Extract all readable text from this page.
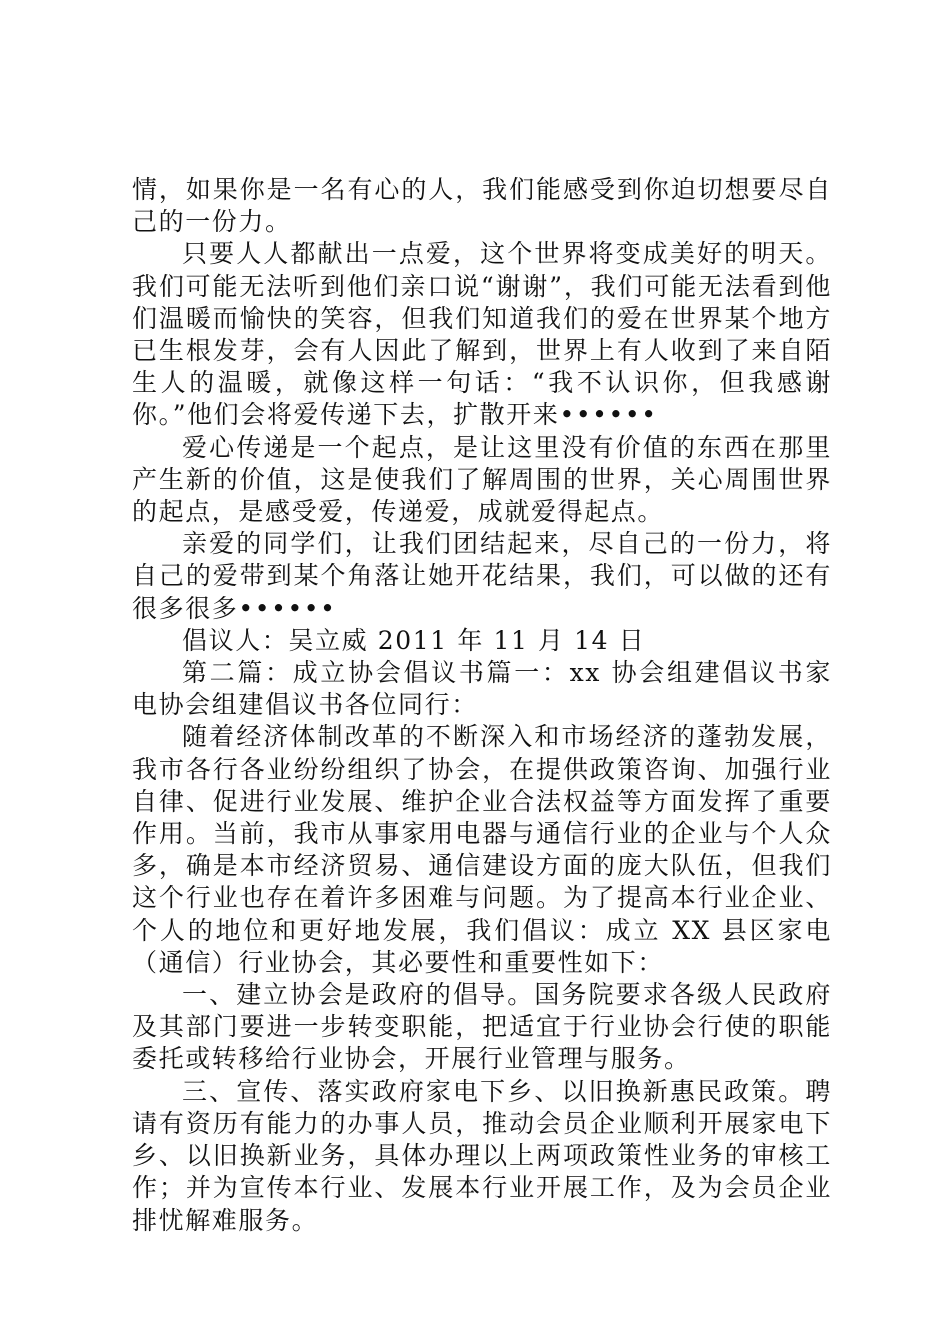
情，如果你是一名有心的人，我们能感受到你迫切想要尽自己的一份力。

只要人人都献出一点爱，这个世界将变成美好的明天。我们可能无法听到他们亲口说“谢谢”，我们可能无法看到他们温暖而愉快的笑容，但我们知道我们的爱在世界某个地方已生根发芽，会有人因此了解到，世界上有人收到了来自陌生人的温暖，就像这样一句话：“我不认识你，但我感谢你。”他们会将爱传递下去，扩散开来••••••

爱心传递是一个起点，是让这里没有价值的东西在那里产生新的价值，这是使我们了解周围的世界，关心周围世界的起点，是感受爱，传递爱，成就爱得起点。

亲爱的同学们，让我们团结起来，尽自己的一份力，将自己的爱带到某个角落让她开花结果，我们，可以做的还有很多很多••••••

倡议人：吴立威 2011 年 11 月 14 日

第二篇：成立协会倡议书篇一：xx 协会组建倡议书家电协会组建倡议书各位同行：

随着经济体制改革的不断深入和市场经济的蓬勃发展，我市各行各业纷纷组织了协会，在提供政策咨询、加强行业自律、促进行业发展、维护企业合法权益等方面发挥了重要作用。当前，我市从事家用电器与通信行业的企业与个人众多，确是本市经济贸易、通信建设方面的庞大队伍，但我们这个行业也存在着许多困难与问题。为了提高本行业企业、个人的地位和更好地发展，我们倡议：成立 XX 县区家电（通信）行业协会，其必要性和重要性如下：

一、建立协会是政府的倡导。国务院要求各级人民政府及其部门要进一步转变职能，把适宜于行业协会行使的职能委托或转移给行业协会，开展行业管理与服务。

三、宣传、落实政府家电下乡、以旧换新惠民政策。聘请有资历有能力的办事人员，推动会员企业顺利开展家电下乡、以旧换新业务，具体办理以上两项政策性业务的审核工作；并为宣传本行业、发展本行业开展工作，及为会员企业排忧解难服务。
